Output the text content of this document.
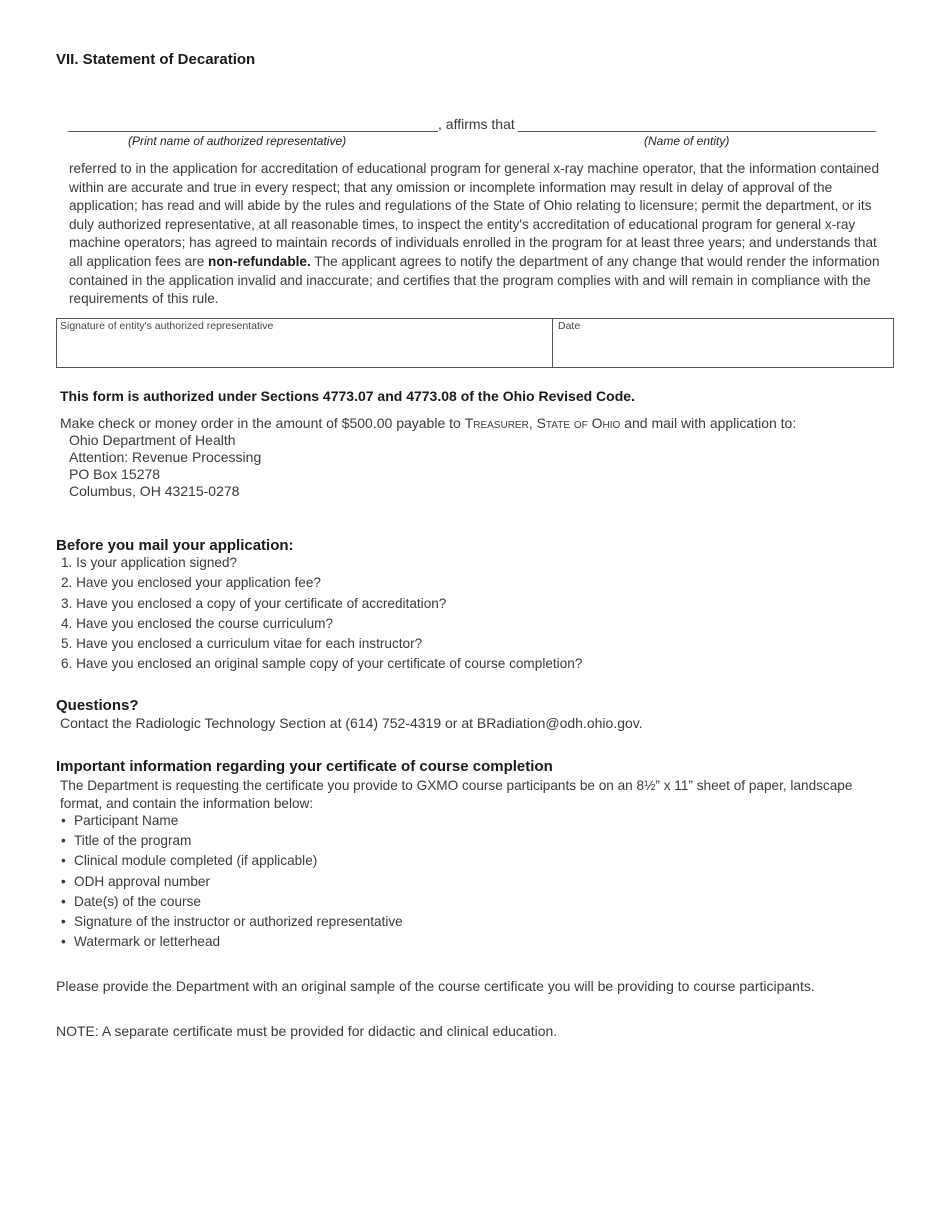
VII. Statement of Decaration
, affirms that
(Print name of authorized representative)	(Name of entity)

referred to in the application for accreditation of educational program for general x-ray machine operator, that the information contained within are accurate and true in every respect; that any omission or incomplete information may result in delay of approval of the application; has read and will abide by the rules and regulations of the State of Ohio relating to licensure; permit the department, or its duly authorized representative, at all reasonable times, to inspect the entity's accreditation of educational program for general x-ray machine operators; has agreed to maintain records of individuals enrolled in the program for at least three years; and understands that all application fees are non-refundable. The applicant agrees to notify the department of any change that would render the information contained in the application invalid and inaccurate; and certifies that the program complies with and will remain in compliance with the requirements of this rule.

Signature of entity's authorized representative	Date

This form is authorized under Sections 4773.07 and 4773.08 of the Ohio Revised Code.

Make check or money order in the amount of $500.00 payable to Treasurer, State of Ohio and mail with application to:

Ohio Department of Health
Attention: Revenue Processing
PO Box 15278
Columbus, OH 43215-0278
Before you mail your application:
1. Is your application signed?
2. Have you enclosed your application fee?
3. Have you enclosed a copy of your certificate of accreditation?
4. Have you enclosed the course curriculum?
5. Have you enclosed a curriculum vitae for each instructor?
6. Have you enclosed an original sample copy of your certificate of course completion?
Questions?

Contact the Radiologic Technology Section at (614) 752-4319 or at BRadiation@odh.ohio.gov.

Important information regarding your certificate of course completion

The Department is requesting the certificate you provide to GXMO course participants be on an 8½” x 11” sheet of paper, landscape format, and contain the information below:

• Participant Name
• Title of the program
• Clinical module completed (if applicable)
• ODH approval number
• Date(s) of the course
• Signature of the instructor or authorized representative
• Watermark or letterhead

Please provide the Department with an original sample of the course certificate you will be providing to course participants.

NOTE: A separate certificate must be provided for didactic and clinical education.
